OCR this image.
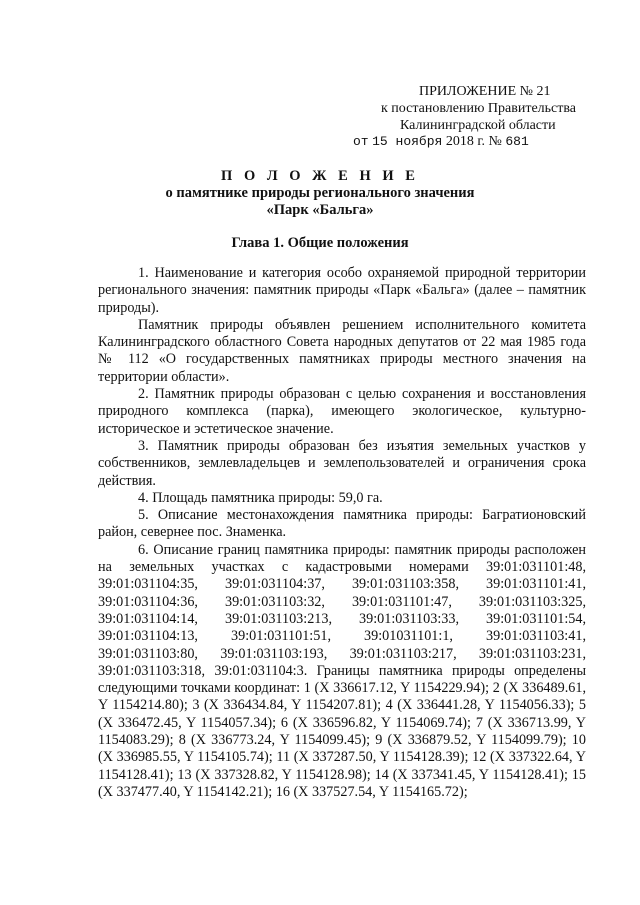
ПРИЛОЖЕНИЕ № 21
к постановлению Правительства
Калининградской области
от 15 ноября 2018 г. № 681
П О Л О Ж Е Н И Е
о памятнике природы регионального значения
«Парк «Бальга»
Глава 1. Общие положения

1. Наименование и категория особо охраняемой природной территории регионального значения: памятник природы «Парк «Бальга» (далее – памятник природы).

Памятник природы объявлен решением исполнительного комитета Калининградского областного Совета народных депутатов от 22 мая 1985 года № 112 «О государственных памятниках природы местного значения на территории области».

2. Памятник природы образован с целью сохранения и восстановления природного комплекса (парка), имеющего экологическое, культурно-историческое и эстетическое значение.

3. Памятник природы образован без изъятия земельных участков у собственников, землевладельцев и землепользователей и ограничения срока действия.

4. Площадь памятника природы: 59,0 га.

5. Описание местонахождения памятника природы: Багратионовский район, севернее пос. Знаменка.

6. Описание границ памятника природы: памятник природы расположен на земельных участках с кадастровыми номерами 39:01:031101:48, 39:01:031104:35, 39:01:031104:37, 39:01:031103:358, 39:01:031101:41, 39:01:031104:36, 39:01:031103:32, 39:01:031101:47, 39:01:031103:325, 39:01:031104:14, 39:01:031103:213, 39:01:031103:33, 39:01:031101:54, 39:01:031104:13, 39:01:031101:51, 39:01031101:1, 39:01:031103:41, 39:01:031103:80, 39:01:031103:193, 39:01:031103:217, 39:01:031103:231, 39:01:031103:318, 39:01:031104:3. Границы памятника природы определены следующими точками координат: 1 (X 336617.12, Y 1154229.94); 2 (X 336489.61, Y 1154214.80); 3 (X 336434.84, Y 1154207.81); 4 (X 336441.28, Y 1154056.33); 5 (X 336472.45, Y 1154057.34); 6 (X 336596.82, Y 1154069.74); 7 (X 336713.99, Y 1154083.29); 8 (X 336773.24, Y 1154099.45); 9 (X 336879.52, Y 1154099.79); 10 (X 336985.55, Y 1154105.74); 11 (X 337287.50, Y 1154128.39); 12 (X 337322.64, Y 1154128.41); 13 (X 337328.82, Y 1154128.98); 14 (X 337341.45, Y 1154128.41); 15 (X 337477.40, Y 1154142.21); 16 (X 337527.54, Y 1154165.72);
